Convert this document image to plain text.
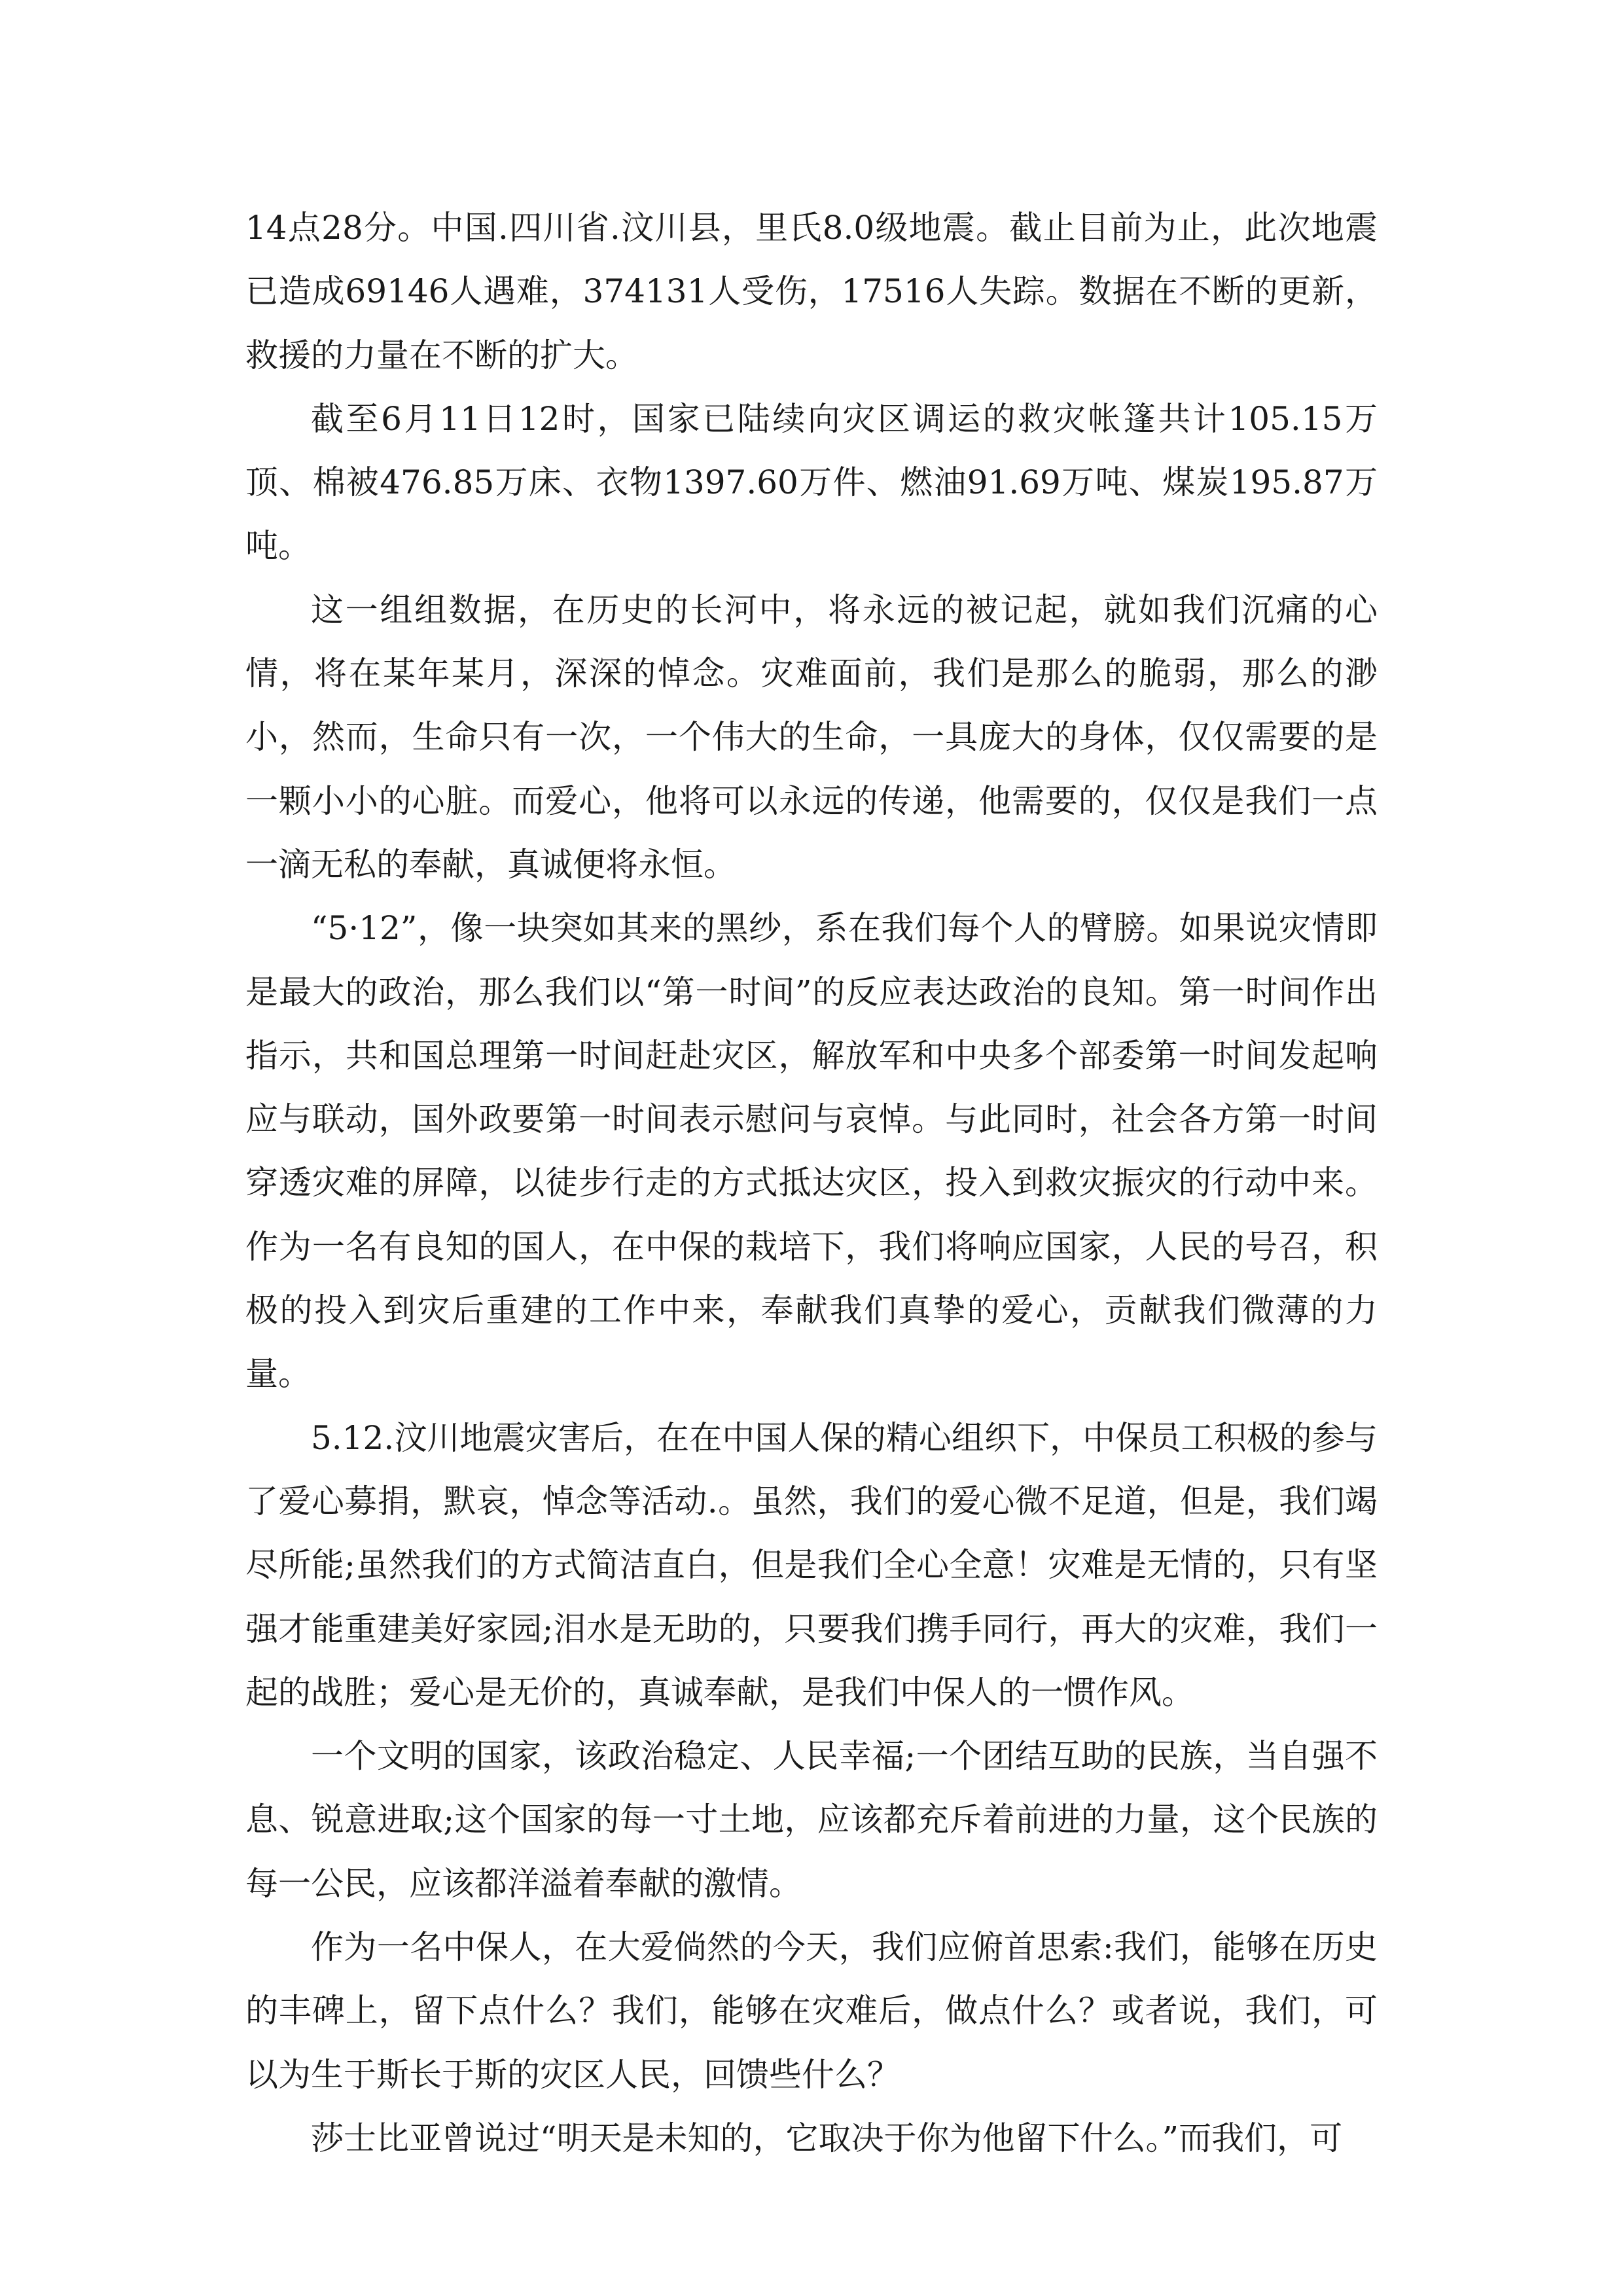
14点28分。中国.四川省.汶川县，里氏8.0级地震。截止目前为止，此次地震已造成69146人遇难，374131人受伤，17516人失踪。数据在不断的更新，救援的力量在不断的扩大。

截至6月11日12时，国家已陆续向灾区调运的救灾帐篷共计105.15万顶、棉被476.85万床、衣物1397.60万件、燃油91.69万吨、煤炭195.87万吨。

这一组组数据，在历史的长河中，将永远的被记起，就如我们沉痛的心情，将在某年某月，深深的悼念。灾难面前，我们是那么的脆弱，那么的渺小，然而，生命只有一次，一个伟大的生命，一具庞大的身体，仅仅需要的是一颗小小的心脏。而爱心，他将可以永远的传递，他需要的，仅仅是我们一点一滴无私的奉献，真诚便将永恒。

“5·12”，像一块突如其来的黑纱，系在我们每个人的臂膀。如果说灾情即是最大的政治，那么我们以“第一时间”的反应表达政治的良知。第一时间作出指示，共和国总理第一时间赶赴灾区，解放军和中央多个部委第一时间发起响应与联动，国外政要第一时间表示慰问与哀悼。与此同时，社会各方第一时间穿透灾难的屏障，以徒步行走的方式抵达灾区，投入到救灾振灾的行动中来。作为一名有良知的国人，在中保的栽培下，我们将响应国家，人民的号召，积极的投入到灾后重建的工作中来，奉献我们真挚的爱心，贡献我们微薄的力量。

5.12.汶川地震灾害后，在在中国人保的精心组织下，中保员工积极的参与了爱心募捐，默哀，悼念等活动.。虽然，我们的爱心微不足道，但是，我们竭尽所能;虽然我们的方式简洁直白，但是我们全心全意！灾难是无情的，只有坚强才能重建美好家园;泪水是无助的，只要我们携手同行，再大的灾难，我们一起的战胜；爱心是无价的，真诚奉献，是我们中保人的一惯作风。

一个文明的国家，该政治稳定、人民幸福;一个团结互助的民族，当自强不息、锐意进取;这个国家的每一寸土地，应该都充斥着前进的力量，这个民族的每一公民，应该都洋溢着奉献的激情。

作为一名中保人，在大爱倘然的今天，我们应俯首思索:我们，能够在历史的丰碑上，留下点什么？我们，能够在灾难后，做点什么？或者说，我们，可以为生于斯长于斯的灾区人民，回馈些什么？

莎士比亚曾说过“明天是未知的，它取决于你为他留下什么。”而我们，可
